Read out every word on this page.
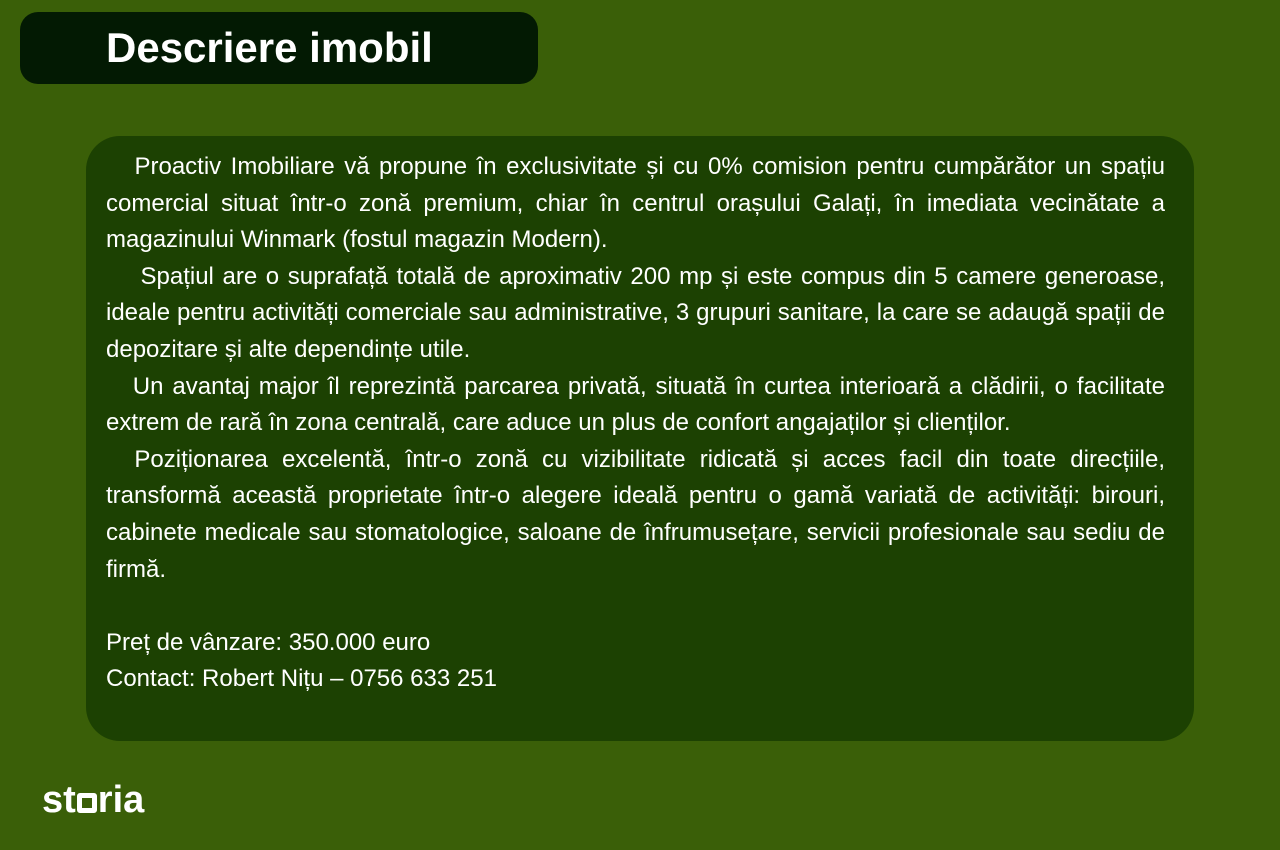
Descriere imobil

Proactiv Imobiliare vă propune în exclusivitate și cu 0% comision pentru cumpărător un spațiu comercial situat într-o zonă premium, chiar în centrul orașului Galați, în imediata vecinătate a magazinului Winmark (fostul magazin Modern).

Spațiul are o suprafață totală de aproximativ 200 mp și este compus din 5 camere generoase, ideale pentru activități comerciale sau administrative, 3 grupuri sanitare, la care se adaugă spații de depozitare și alte dependințe utile.

Un avantaj major îl reprezintă parcarea privată, situată în curtea interioară a clădirii, o facilitate extrem de rară în zona centrală, care aduce un plus de confort angajaților și clienților.

Poziționarea excelentă, într-o zonă cu vizibilitate ridicată și acces facil din toate direcțiile, transformă această proprietate într-o alegere ideală pentru o gamă variată de activități: birouri, cabinete medicale sau stomatologice, saloane de înfrumusețare, servicii profesionale sau sediu de firmă.

Preț de vânzare: 350.000 euro

Contact: Robert Nițu – 0756 633 251

st ria
